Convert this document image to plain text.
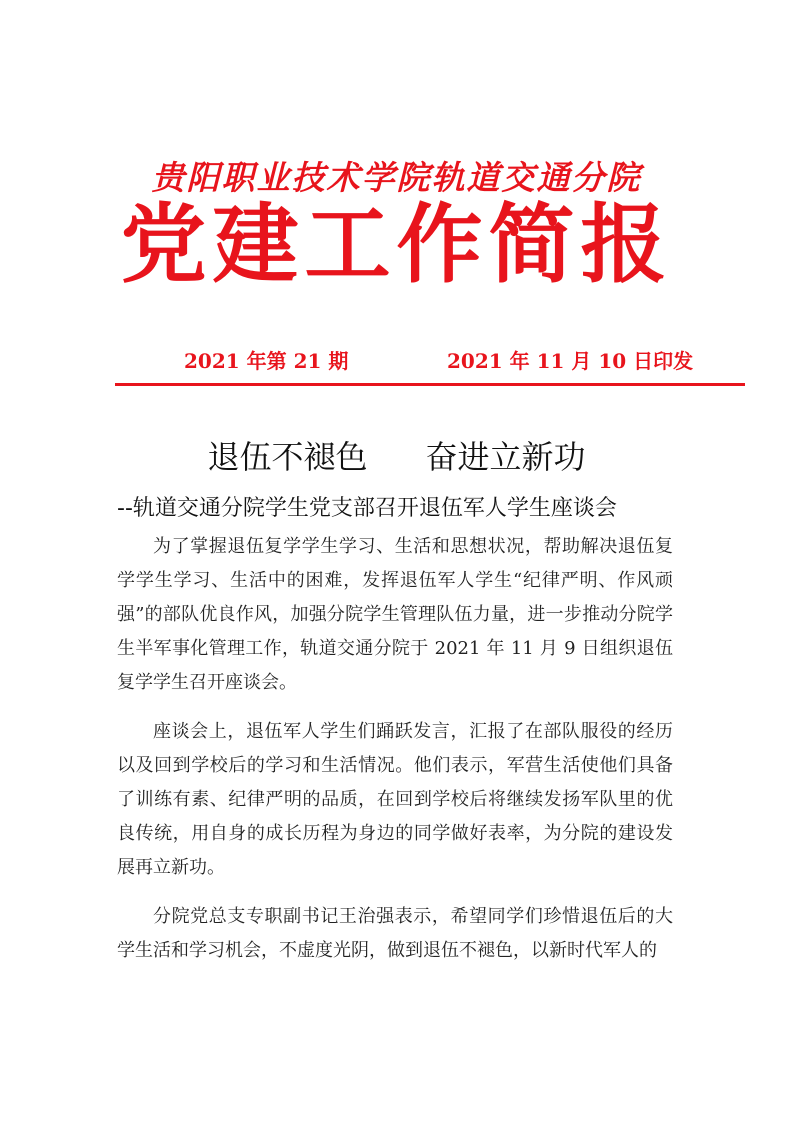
贵阳职业技术学院轨道交通分院
党建工作简报
2021 年第 21 期	2021 年 11 月 10 日印发
退伍不褪色 奋进立新功
--轨道交通分院学生党支部召开退伍军人学生座谈会

为了掌握退伍复学学生学习、生活和思想状况，帮助解决退伍复学学生学习、生活中的困难，发挥退伍军人学生“纪律严明、作风顽强”的部队优良作风，加强分院学生管理队伍力量，进一步推动分院学生半军事化管理工作，轨道交通分院于 2021 年 11 月 9 日组织退伍复学学生召开座谈会。

座谈会上，退伍军人学生们踊跃发言，汇报了在部队服役的经历以及回到学校后的学习和生活情况。他们表示，军营生活使他们具备了训练有素、纪律严明的品质，在回到学校后将继续发扬军队里的优良传统，用自身的成长历程为身边的同学做好表率，为分院的建设发展再立新功。

分院党总支专职副书记王治强表示，希望同学们珍惜退伍后的大学生活和学习机会，不虚度光阴，做到退伍不褪色，以新时代军人的
